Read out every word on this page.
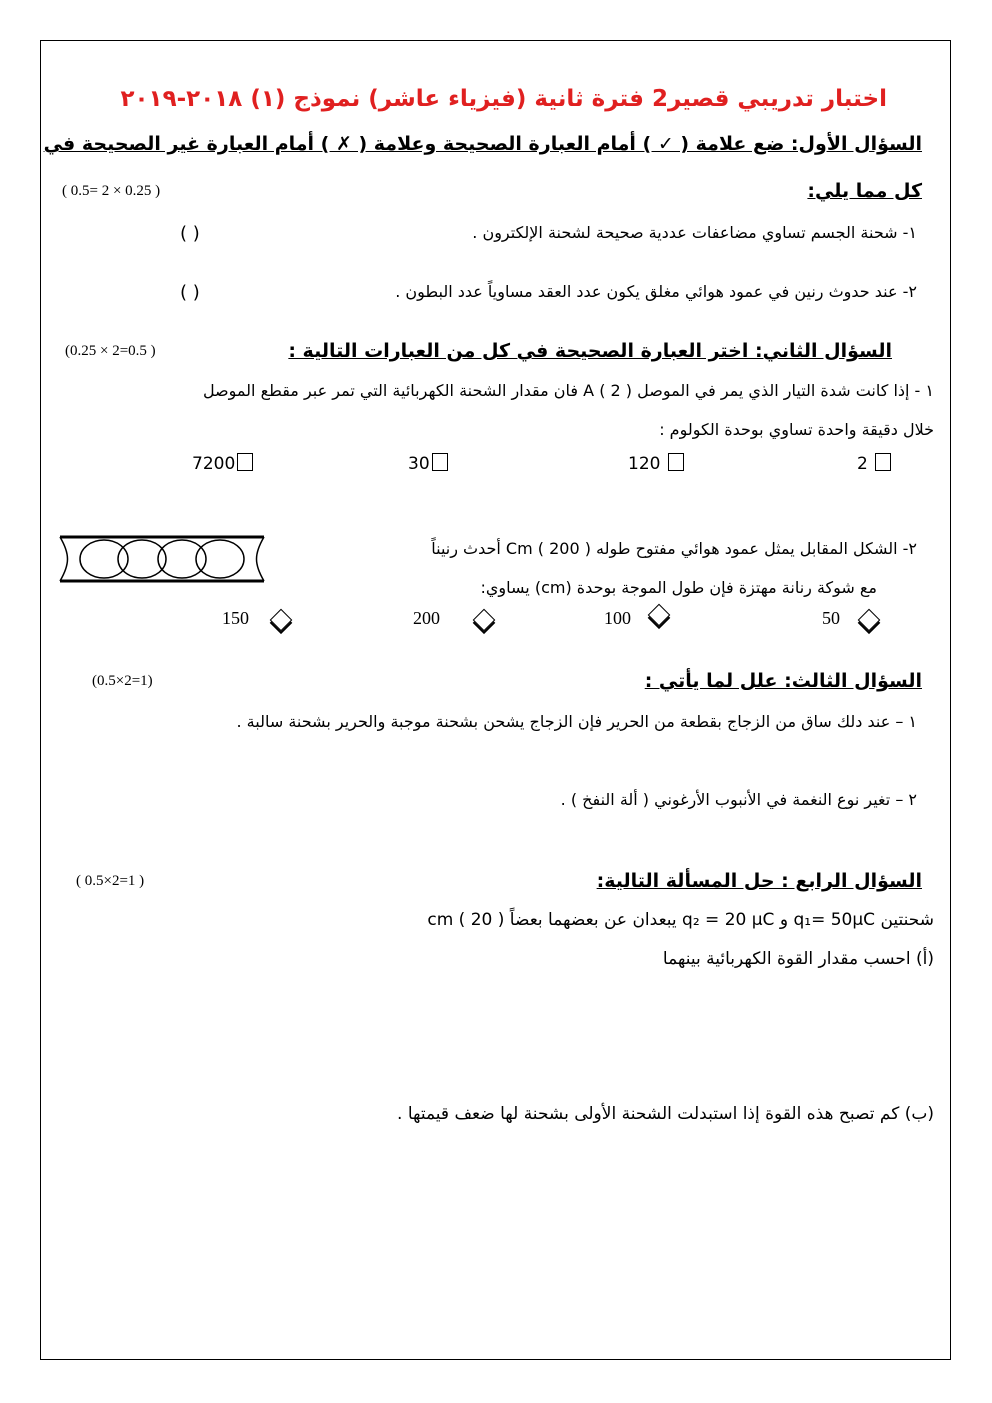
اختبار تدريبي قصير2 فترة ثانية (فيزياء عاشر) نموذج (١) ٢٠١٨-٢٠١٩
السؤال الأول: ضع علامة ( ✓ ) أمام العبارة الصحيحة وعلامة ( ✗ ) أمام العبارة غير الصحيحة في
كل مما يلي:
( 0.5= 2 × 0.25 )
١- شحنة الجسم تساوي مضاعفات عددية صحيحة لشحنة الإلكترون .
( )
٢- عند حدوث رنين في عمود هوائي مغلق يكون عدد العقد مساوياً عدد البطون .
( )
السؤال الثاني: اختر العبارة الصحيحة في كل من العبارات التالية :
(0.25 × 2=0.5 )
١ - إذا كانت شدة التيار الذي يمر في الموصل A ( 2 ) فان مقدار الشحنة الكهربائية التي تمر عبر مقطع الموصل
خلال دقيقة واحدة تساوي بوحدة الكولوم :
2
120
30
7200
٢- الشكل المقابل يمثل عمود هوائي مفتوح طوله Cm ( 200 ) أحدث رنيناً
مع شوكة رنانة مهتزة فإن طول الموجة بوحدة (cm) يساوي:
50
100
200
150
السؤال الثالث: علل لما يأتي :
(0.5×2=1)
١ – عند دلك ساق من الزجاج بقطعة من الحرير فإن الزجاج يشحن بشحنة موجبة والحرير بشحنة سالبة .
٢ – تغير نوع النغمة في الأنبوب الأرغوني ( ألة النفخ ) .
السؤال الرابع : حل المسألة التالية:
( 0.5×2=1 )
شحنتين q₁= 50μC و q₂ = 20 μC يبعدان عن بعضهما بعضاً cm ( 20 )
(أ) احسب مقدار القوة الكهربائية بينهما
(ب) كم تصبح هذه القوة إذا استبدلت الشحنة الأولى بشحنة لها ضعف قيمتها .
